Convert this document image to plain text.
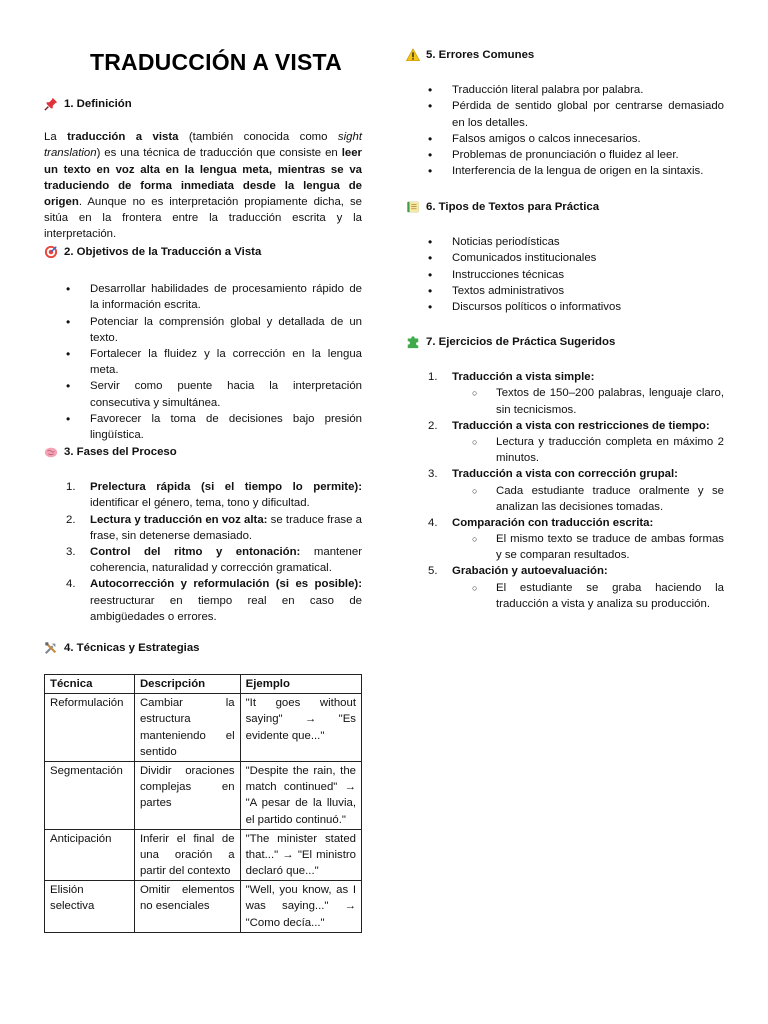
TRADUCCIÓN A VISTA
1. Definición

La traducción a vista (también conocida como sight translation) es una técnica de traducción que consiste en leer un texto en voz alta en la lengua meta, mientras se va traduciendo de forma inmediata desde la lengua de origen. Aunque no es interpretación propiamente dicha, se sitúa en la frontera entre la traducción escrita y la interpretación.

2. Objetivos de la Traducción a Vista
• Desarrollar habilidades de procesamiento rápido de la información escrita.
• Potenciar la comprensión global y detallada de un texto.
• Fortalecer la fluidez y la corrección en la lengua meta.
• Servir como puente hacia la interpretación consecutiva y simultánea.
• Favorecer la toma de decisiones bajo presión lingüística.
3. Fases del Proceso
1. Prelectura rápida (si el tiempo lo permite): identificar el género, tema, tono y dificultad.
2. Lectura y traducción en voz alta: se traduce frase a frase, sin detenerse demasiado.
3. Control del ritmo y entonación: mantener coherencia, naturalidad y corrección gramatical.
4. Autocorrección y reformulación (si es posible): reestructurar en tiempo real en caso de ambigüedades o errores.
4. Técnicas y Estrategias
Técnica	Descripción	Ejemplo
Reformulación	Cambiar la estructura manteniendo el sentido	"It goes without saying" → "Es evidente que..."
Segmentación	Dividir oraciones complejas en partes	"Despite the rain, the match continued" → "A pesar de la lluvia, el partido continuó."
Anticipación	Inferir el final de una oración a partir del contexto	"The minister stated that..." → "El ministro declaró que..."
Elisión selectiva	Omitir elementos no esenciales	"Well, you know, as I was saying..." → "Como decía..."
5. Errores Comunes
• Traducción literal palabra por palabra.
• Pérdida de sentido global por centrarse demasiado en los detalles.
• Falsos amigos o calcos innecesarios.
• Problemas de pronunciación o fluidez al leer.
• Interferencia de la lengua de origen en la sintaxis.
6. Tipos de Textos para Práctica
• Noticias periodísticas
• Comunicados institucionales
• Instrucciones técnicas
• Textos administrativos
• Discursos políticos o informativos
7. Ejercicios de Práctica Sugeridos
1. Traducción a vista simple:
○ Textos de 150–200 palabras, lenguaje claro, sin tecnicismos.
2. Traducción a vista con restricciones de tiempo:
○ Lectura y traducción completa en máximo 2 minutos.
3. Traducción a vista con corrección grupal:
○ Cada estudiante traduce oralmente y se analizan las decisiones tomadas.
4. Comparación con traducción escrita:
○ El mismo texto se traduce de ambas formas y se comparan resultados.
5. Grabación y autoevaluación:
○ El estudiante se graba haciendo la traducción a vista y analiza su producción.
